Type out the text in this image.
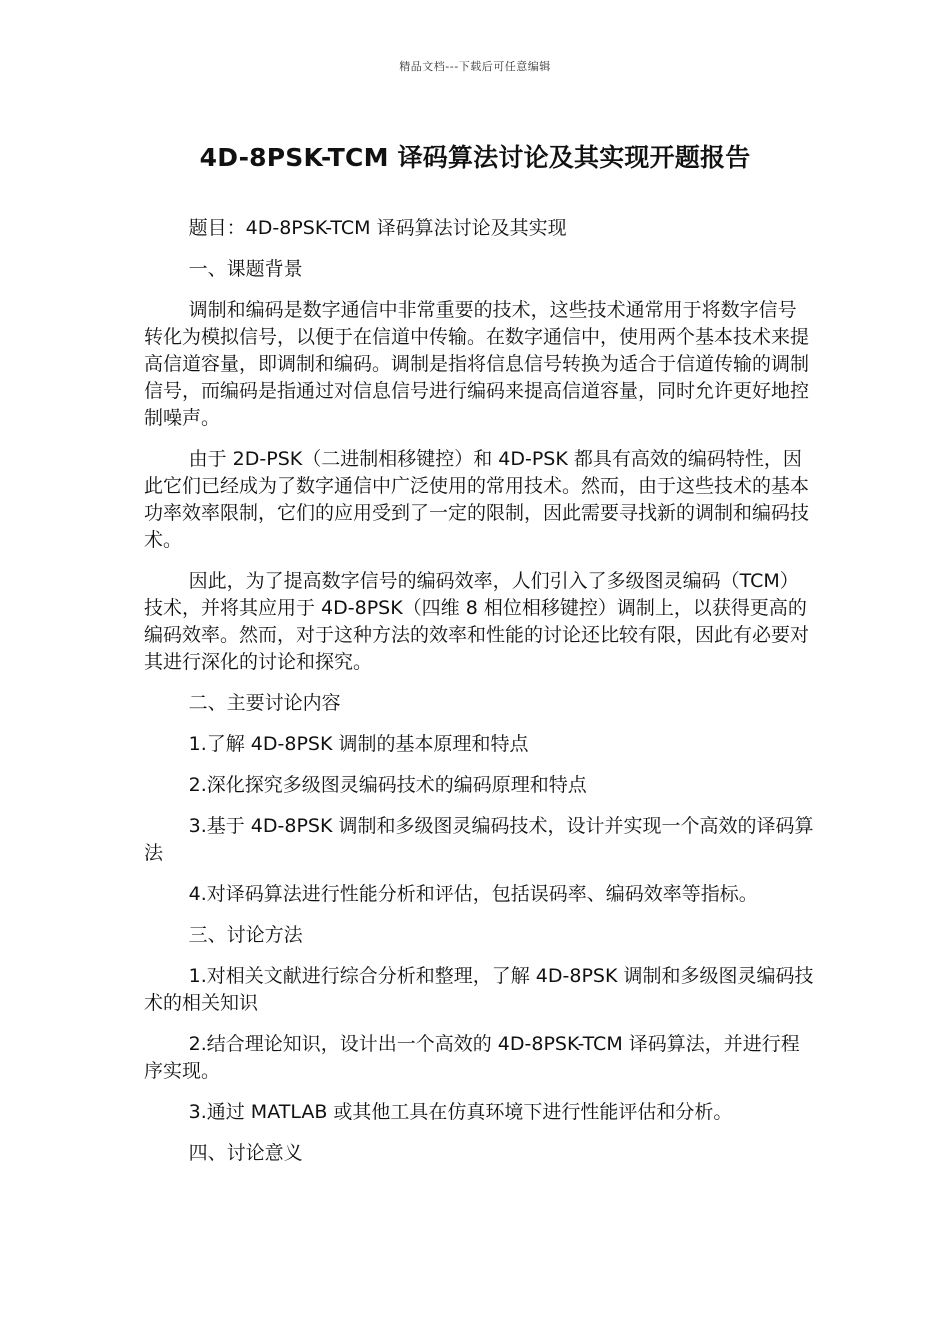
精品文档---下载后可任意编辑
4D-8PSK-TCM 译码算法讨论及其实现开题报告

题目：4D-8PSK-TCM 译码算法讨论及其实现

一、课题背景

调制和编码是数字通信中非常重要的技术，这些技术通常用于将数字信号转化为模拟信号，以便于在信道中传输。在数字通信中，使用两个基本技术来提高信道容量，即调制和编码。调制是指将信息信号转换为适合于信道传输的调制信号，而编码是指通过对信息信号进行编码来提高信道容量，同时允许更好地控制噪声。

由于 2D-PSK（二进制相移键控）和 4D-PSK 都具有高效的编码特性，因此它们已经成为了数字通信中广泛使用的常用技术。然而，由于这些技术的基本功率效率限制，它们的应用受到了一定的限制，因此需要寻找新的调制和编码技术。

因此，为了提高数字信号的编码效率，人们引入了多级图灵编码（TCM）技术，并将其应用于 4D-8PSK（四维 8 相位相移键控）调制上，以获得更高的编码效率。然而，对于这种方法的效率和性能的讨论还比较有限，因此有必要对其进行深化的讨论和探究。

二、主要讨论内容

1.了解 4D-8PSK 调制的基本原理和特点

2.深化探究多级图灵编码技术的编码原理和特点

3.基于 4D-8PSK 调制和多级图灵编码技术，设计并实现一个高效的译码算法

4.对译码算法进行性能分析和评估，包括误码率、编码效率等指标。

三、讨论方法

1.对相关文献进行综合分析和整理，了解 4D-8PSK 调制和多级图灵编码技术的相关知识

2.结合理论知识，设计出一个高效的 4D-8PSK-TCM 译码算法，并进行程序实现。

3.通过 MATLAB 或其他工具在仿真环境下进行性能评估和分析。

四、讨论意义
